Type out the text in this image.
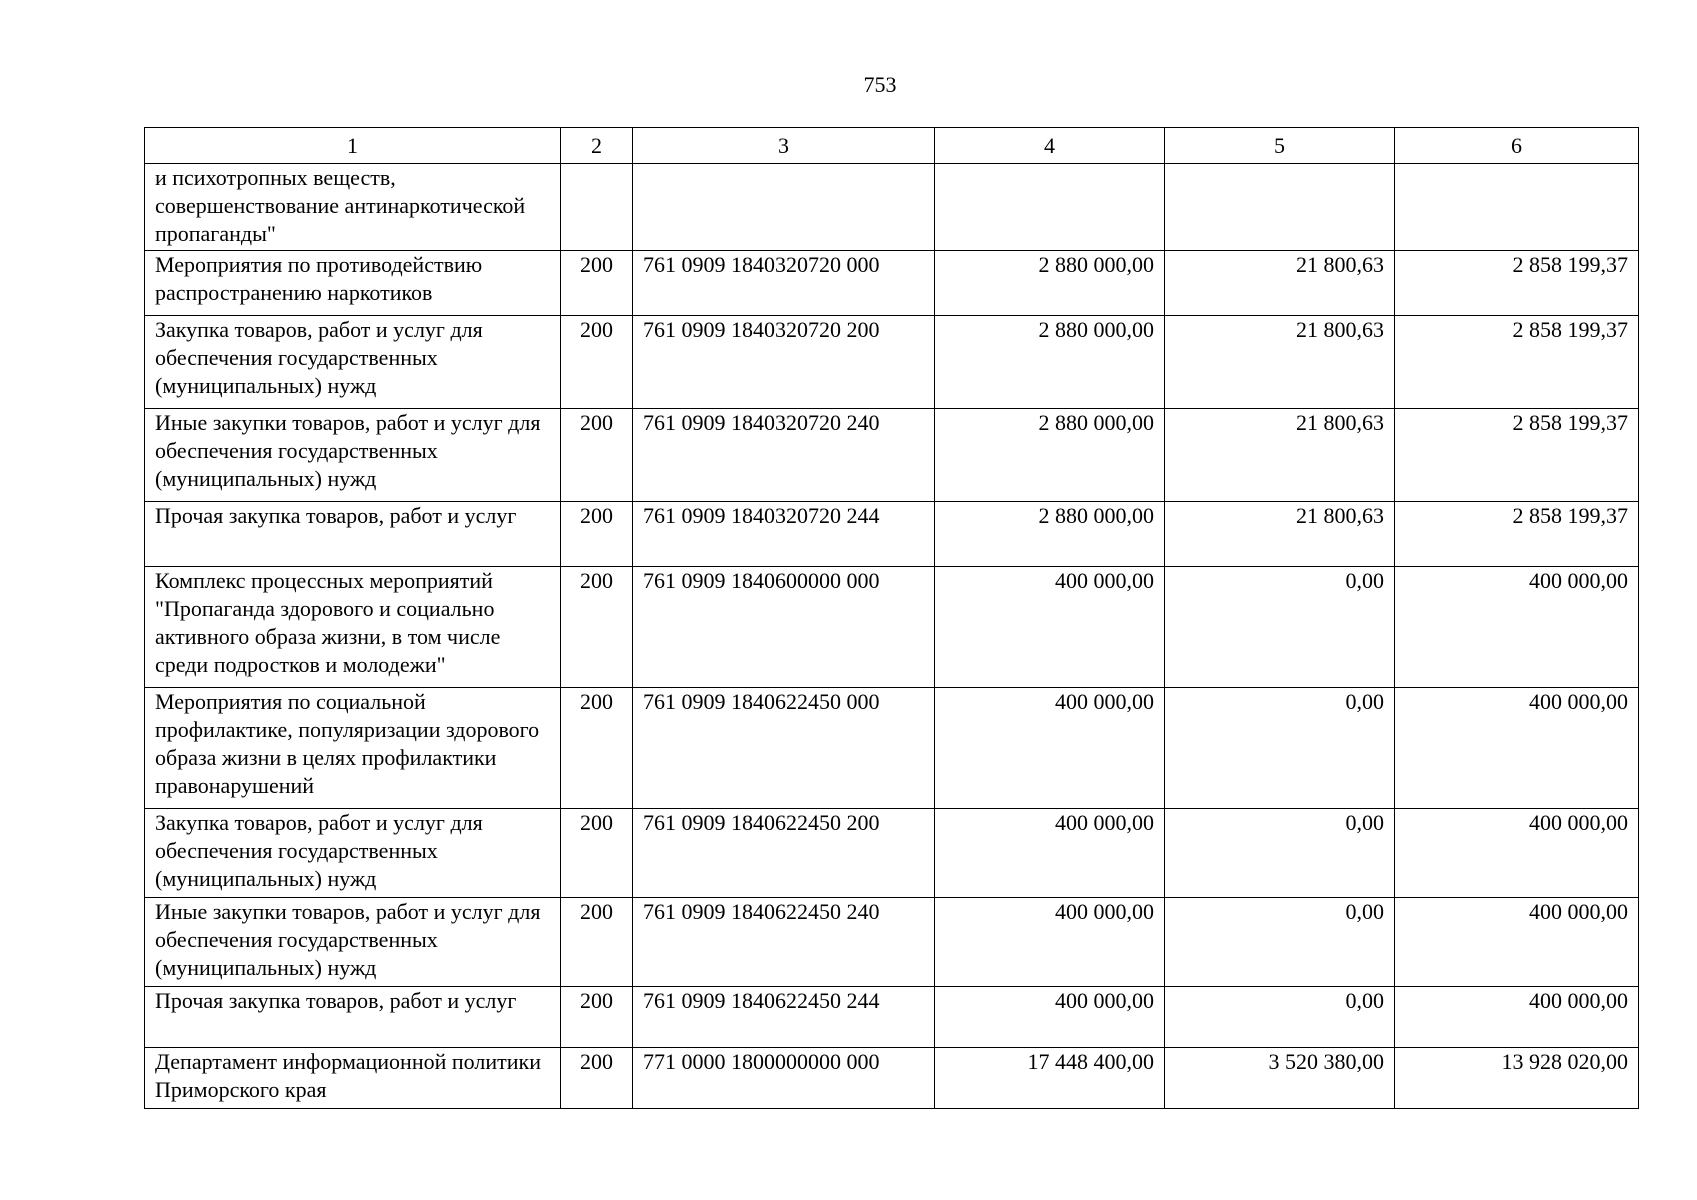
753
1	2	3	4	5	6
и психотропных веществ, совершенствование антинаркотической пропаганды"					
Мероприятия по противодействию распространению наркотиков	200	761 0909 1840320720 000	2 880 000,00	21 800,63	2 858 199,37
Закупка товаров, работ и услуг для обеспечения государственных (муниципальных) нужд	200	761 0909 1840320720 200	2 880 000,00	21 800,63	2 858 199,37
Иные закупки товаров, работ и услуг для обеспечения государственных (муниципальных) нужд	200	761 0909 1840320720 240	2 880 000,00	21 800,63	2 858 199,37
Прочая закупка товаров, работ и услуг	200	761 0909 1840320720 244	2 880 000,00	21 800,63	2 858 199,37
Комплекс процессных мероприятий "Пропаганда здорового и социально активного образа жизни, в том числе среди подростков и молодежи"	200	761 0909 1840600000 000	400 000,00	0,00	400 000,00
Мероприятия по социальной профилактике, популяризации здорового образа жизни в целях профилактики правонарушений	200	761 0909 1840622450 000	400 000,00	0,00	400 000,00
Закупка товаров, работ и услуг для обеспечения государственных (муниципальных) нужд	200	761 0909 1840622450 200	400 000,00	0,00	400 000,00
Иные закупки товаров, работ и услуг для обеспечения государственных (муниципальных) нужд	200	761 0909 1840622450 240	400 000,00	0,00	400 000,00
Прочая закупка товаров, работ и услуг	200	761 0909 1840622450 244	400 000,00	0,00	400 000,00
Департамент информационной политики Приморского края	200	771 0000 1800000000 000	17 448 400,00	3 520 380,00	13 928 020,00
